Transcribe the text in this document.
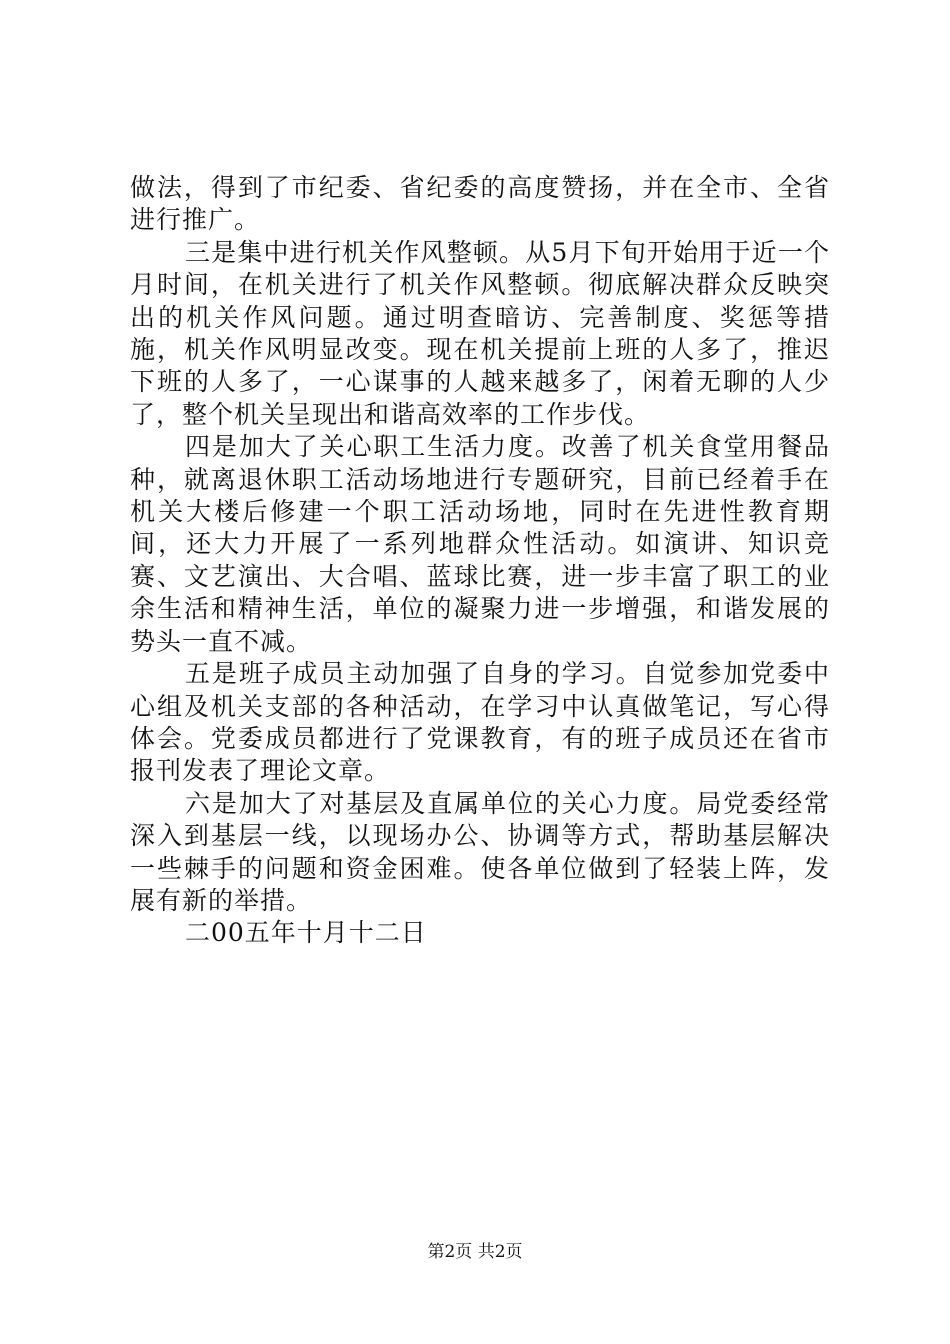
做法，得到了市纪委、省纪委的高度赞扬，并在全市、全省进行推广。

三是集中进行机关作风整顿。从5月下旬开始用于近一个月时间，在机关进行了机关作风整顿。彻底解决群众反映突出的机关作风问题。通过明查暗访、完善制度、奖惩等措施，机关作风明显改变。现在机关提前上班的人多了，推迟下班的人多了，一心谋事的人越来越多了，闲着无聊的人少了，整个机关呈现出和谐高效率的工作步伐。

四是加大了关心职工生活力度。改善了机关食堂用餐品种，就离退休职工活动场地进行专题研究，目前已经着手在机关大楼后修建一个职工活动场地，同时在先进性教育期间，还大力开展了一系列地群众性活动。如演讲、知识竞赛、文艺演出、大合唱、蓝球比赛，进一步丰富了职工的业余生活和精神生活，单位的凝聚力进一步增强，和谐发展的势头一直不减。

五是班子成员主动加强了自身的学习。自觉参加党委中心组及机关支部的各种活动，在学习中认真做笔记，写心得体会。党委成员都进行了党课教育，有的班子成员还在省市报刊发表了理论文章。

六是加大了对基层及直属单位的关心力度。局党委经常深入到基层一线，以现场办公、协调等方式，帮助基层解决一些棘手的问题和资金困难。使各单位做到了轻装上阵，发展有新的举措。

二00五年十月十二日

第2页 共2页
